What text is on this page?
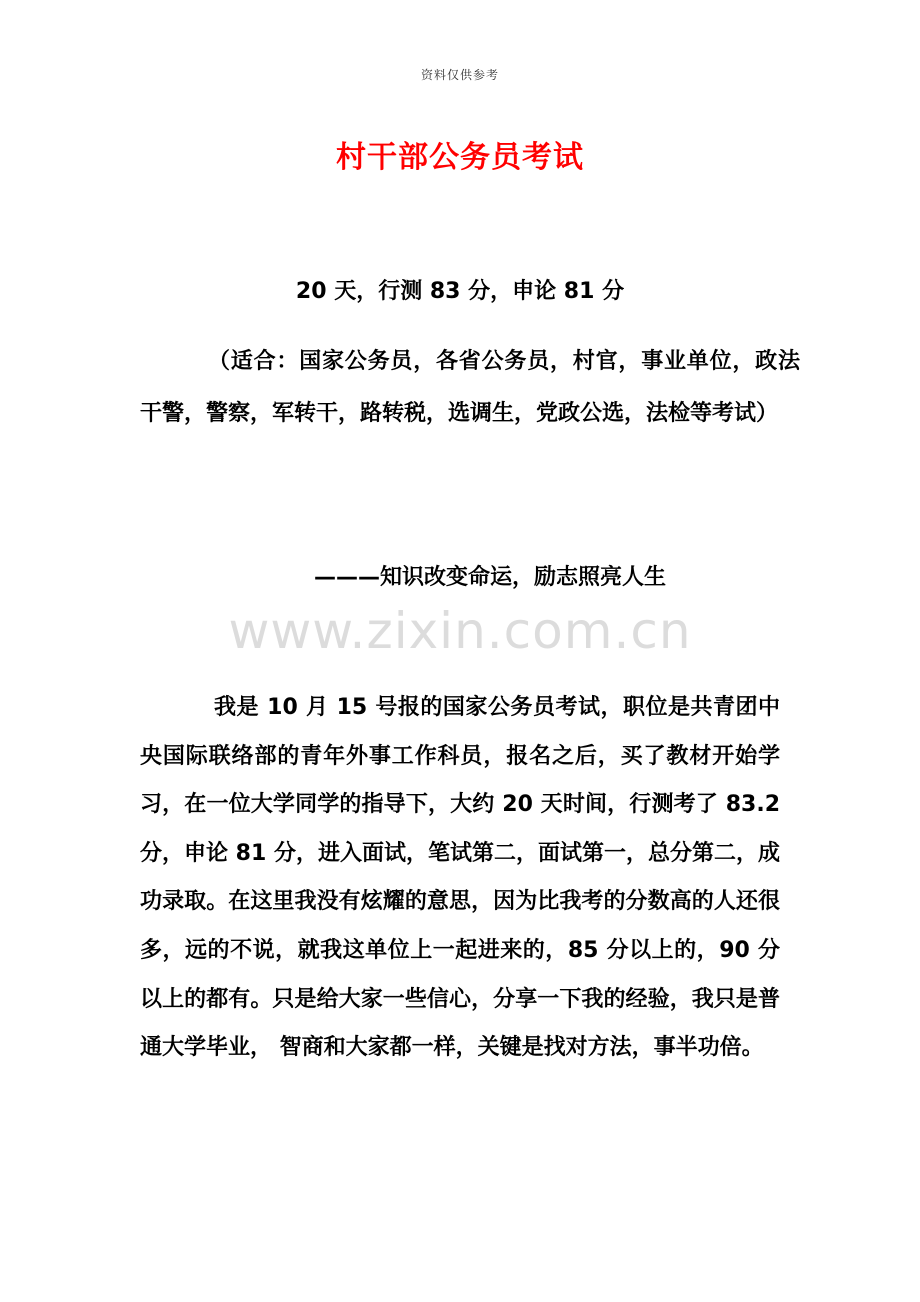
资料仅供参考
村干部公务员考试
20 天，行测 83 分，申论 81 分
（适合：国家公务员，各省公务员，村官，事业单位，政法干警，警察，军转干，路转税，选调生，党政公选，法检等考试）
———知识改变命运，励志照亮人生
www.zixin.com.cn
我是 10 月 15 号报的国家公务员考试，职位是共青团中央国际联络部的青年外事工作科员，报名之后，买了教材开始学习，在一位大学同学的指导下，大约 20 天时间，行测考了 83.2 分，申论 81 分，进入面试，笔试第二，面试第一，总分第二，成功录取。在这里我没有炫耀的意思，因为比我考的分数高的人还很多，远的不说，就我这单位上一起进来的，85 分以上的，90 分以上的都有。只是给大家一些信心，分享一下我的经验，我只是普通大学毕业， 智商和大家都一样，关键是找对方法，事半功倍。
